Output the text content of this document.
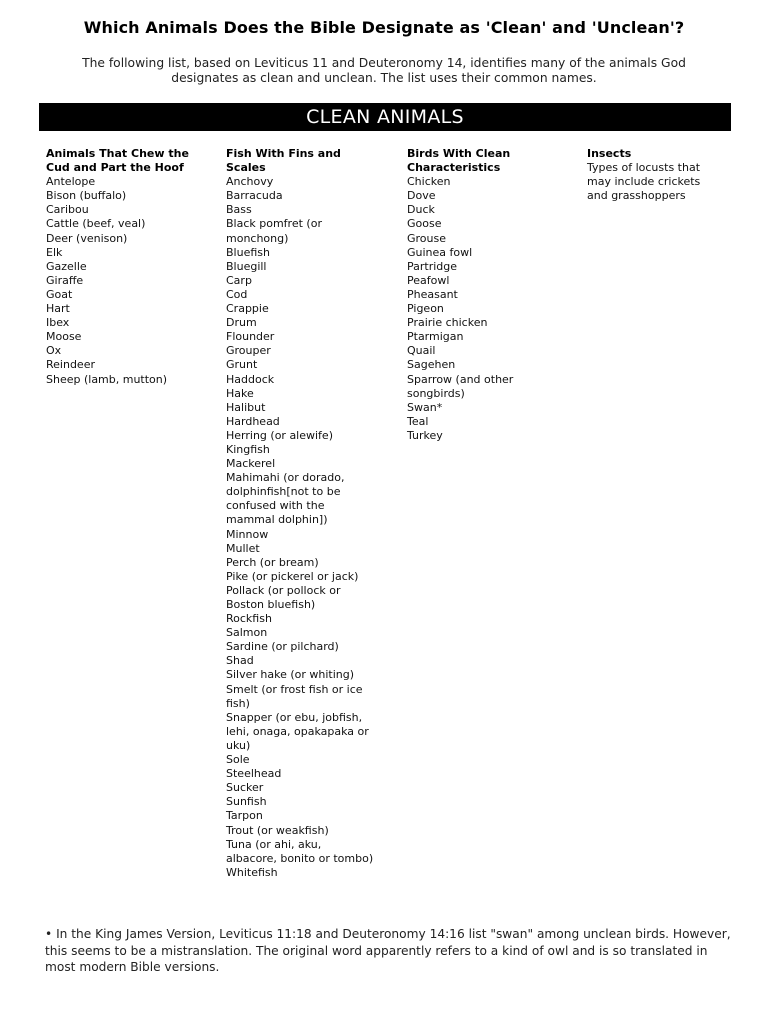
Which Animals Does the Bible Designate as 'Clean' and 'Unclean'?
The following list, based on Leviticus 11 and Deuteronomy 14, identifies many of the animals God designates as clean and unclean. The list uses their common names.
CLEAN ANIMALS
Animals That Chew the Cud and Part the Hoof
Antelope
Bison (buffalo)
Caribou
Cattle (beef, veal)
Deer (venison)
Elk
Gazelle
Giraffe
Goat
Hart
Ibex
Moose
Ox
Reindeer
Sheep (lamb, mutton)
Fish With Fins and Scales
Anchovy
Barracuda
Bass
Black pomfret (or monchong)
Bluefish
Bluegill
Carp
Cod
Crappie
Drum
Flounder
Grouper
Grunt
Haddock
Hake
Halibut
Hardhead
Herring (or alewife)
Kingfish
Mackerel
Mahimahi (or dorado, dolphinfish[not to be confused with the mammal dolphin])
Minnow
Mullet
Perch (or bream)
Pike (or pickerel or jack)
Pollack (or pollock or Boston bluefish)
Rockfish
Salmon
Sardine (or pilchard)
Shad
Silver hake (or whiting)
Smelt (or frost fish or ice fish)
Snapper (or ebu, jobfish, lehi, onaga, opakapaka or uku)
Sole
Steelhead
Sucker
Sunfish
Tarpon
Trout (or weakfish)
Tuna (or ahi, aku, albacore, bonito or tombo)
Whitefish
Birds With Clean Characteristics
Chicken
Dove
Duck
Goose
Grouse
Guinea fowl
Partridge
Peafowl
Pheasant
Pigeon
Prairie chicken
Ptarmigan
Quail
Sagehen
Sparrow (and other songbirds)
Swan*
Teal
Turkey
Insects
Types of locusts that may include crickets and grasshoppers
• In the King James Version, Leviticus 11:18 and Deuteronomy 14:16 list "swan" among unclean birds. However, this seems to be a mistranslation. The original word apparently refers to a kind of owl and is so translated in most modern Bible versions.
